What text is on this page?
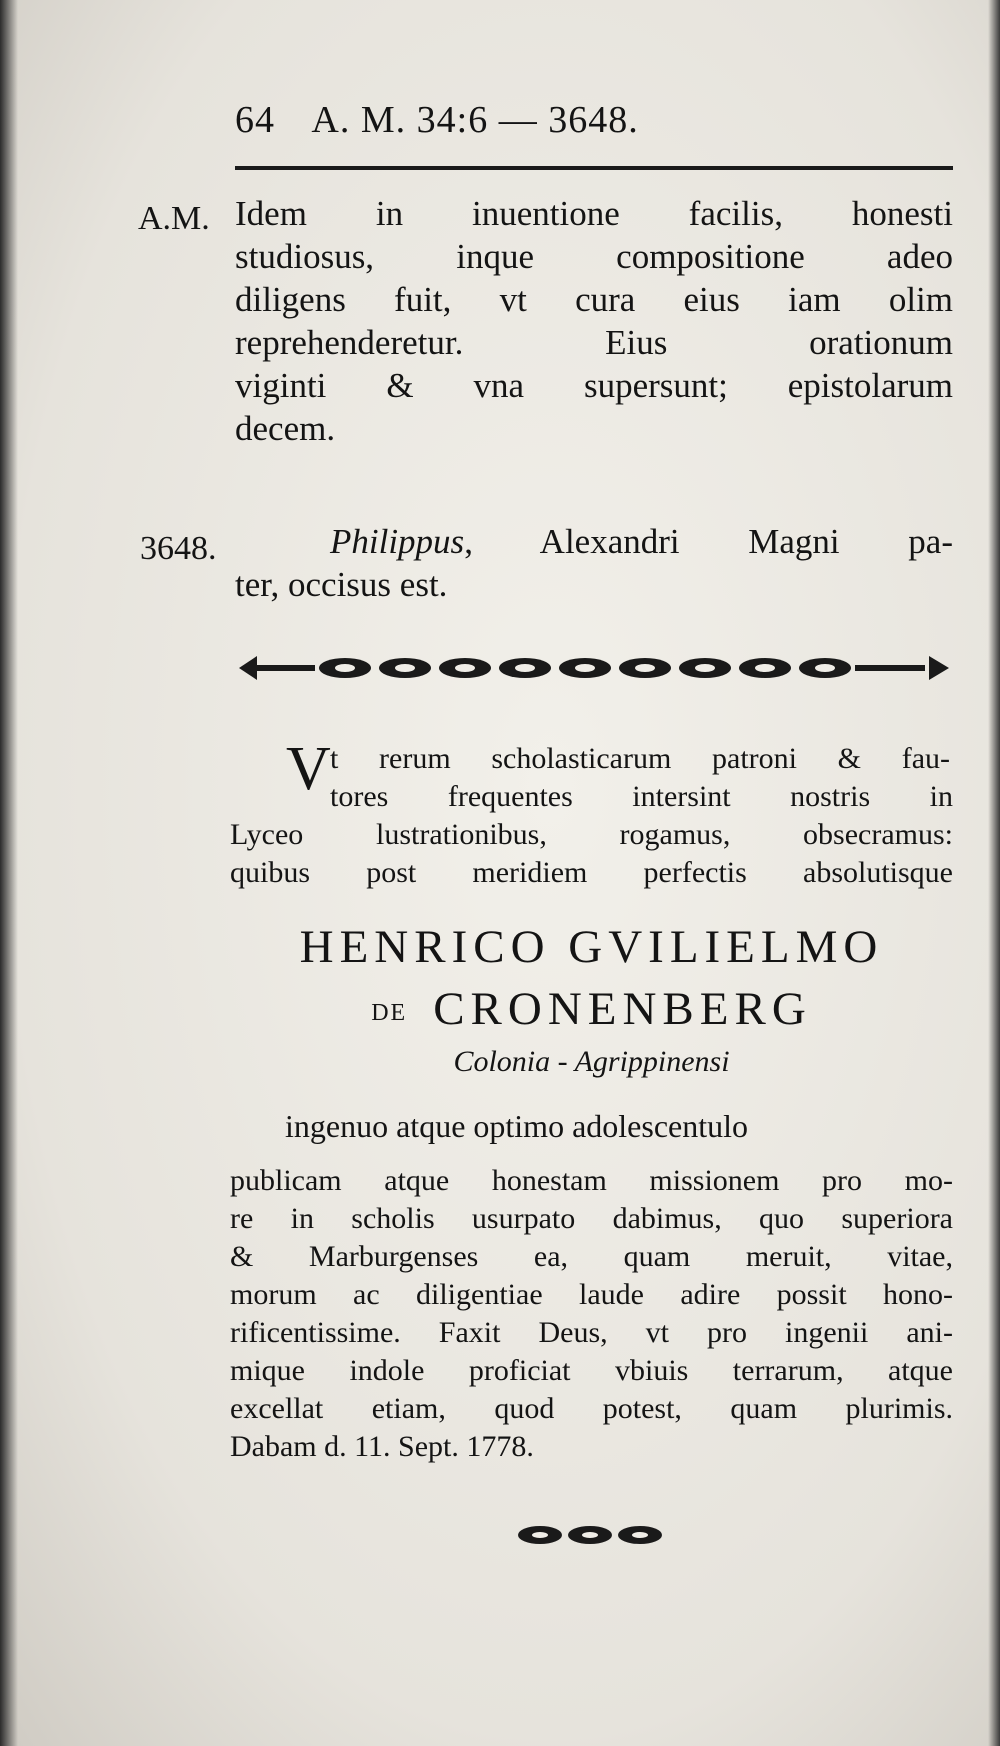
64 A. M. 34:6 — 3648.
A.M. Idem in inuentione facilis, honesti
studiosus, inque compositione adeo
diligens fuit, vt cura eius iam olim
reprehenderetur. Eius orationum
viginti & vna supersunt; epistolarum
decem.
3648.	Philippus, Alexandri Magni pa-
ter, occisus est.
V t rerum scholasticarum patroni & fau-
tores frequentes intersint nostris in
Lyceo lustrationibus, rogamus, obsecramus:
quibus post meridiem perfectis absolutisque
HENRICO GVILIELMO
DE CRONENBERG
Colonia - Agrippinensi
ingenuo atque optimo adolescentulo
publicam atque honestam missionem pro mo-
re in scholis usurpato dabimus, quo superiora
& Marburgenses ea, quam meruit, vitae,
morum ac diligentiae laude adire possit hono-
rificentissime. Faxit Deus, vt pro ingenii ani-
mique indole proficiat vbiuis terrarum, atque
excellat etiam, quod potest, quam plurimis.
Dabam d. 11. Sept. 1778.
